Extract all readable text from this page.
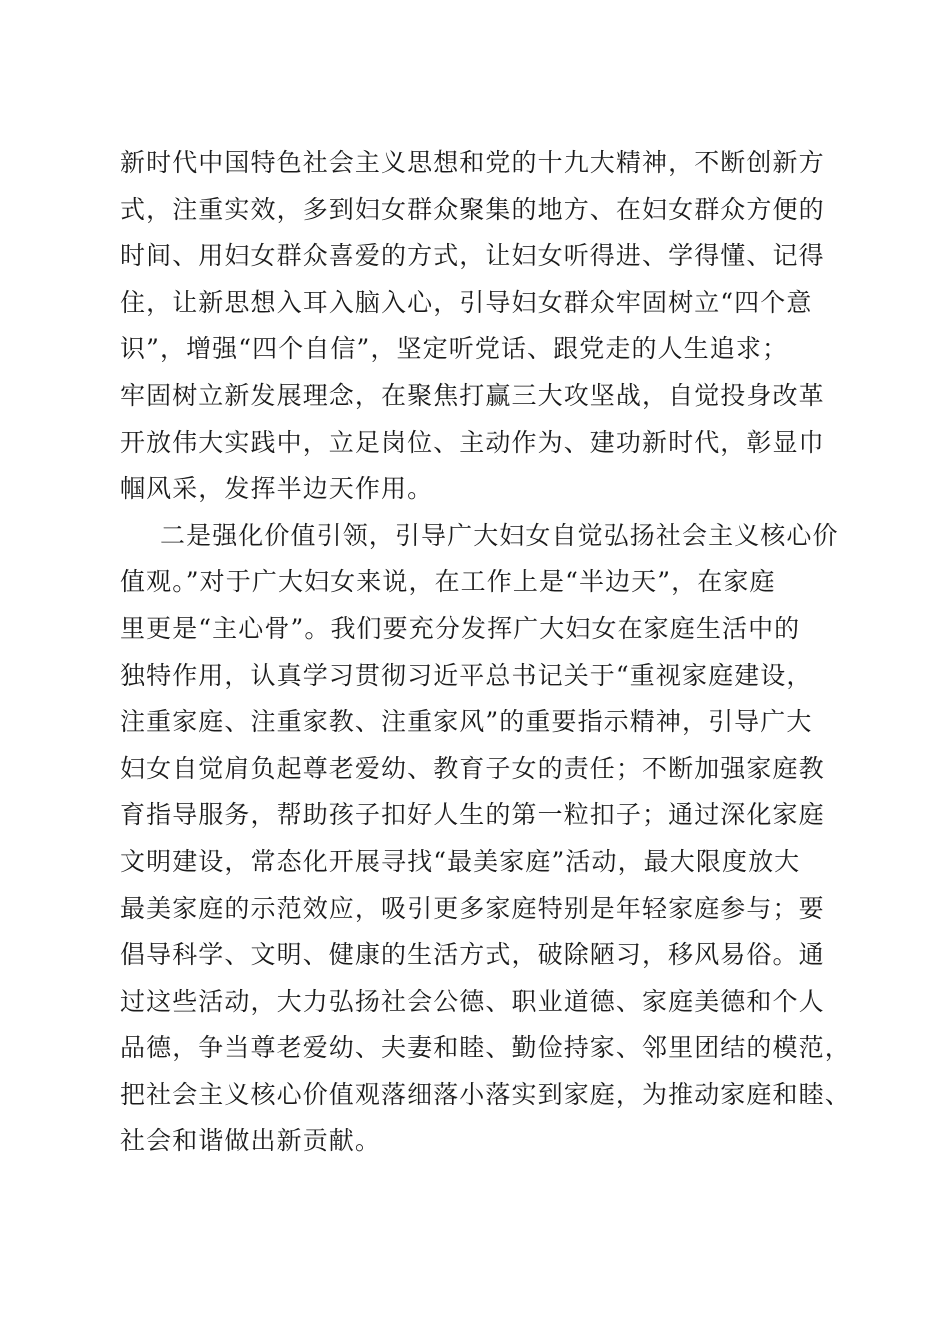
新时代中国特色社会主义思想和党的十九大精神，不断创新方
式，注重实效，多到妇女群众聚集的地方、在妇女群众方便的
时间、用妇女群众喜爱的方式，让妇女听得进、学得懂、记得
住，让新思想入耳入脑入心，引导妇女群众牢固树立“四个意
识”，增强“四个自信”，坚定听党话、跟党走的人生追求；
牢固树立新发展理念，在聚焦打赢三大攻坚战，自觉投身改革
开放伟大实践中，立足岗位、主动作为、建功新时代，彰显巾
帼风采，发挥半边天作用。

二是强化价值引领，引导广大妇女自觉弘扬社会主义核心价
值观。”对于广大妇女来说，在工作上是“半边天”，在家庭
里更是“主心骨”。我们要充分发挥广大妇女在家庭生活中的
独特作用，认真学习贯彻习近平总书记关于“重视家庭建设，
注重家庭、注重家教、注重家风”的重要指示精神，引导广大
妇女自觉肩负起尊老爱幼、教育子女的责任；不断加强家庭教
育指导服务，帮助孩子扣好人生的第一粒扣子；通过深化家庭
文明建设，常态化开展寻找“最美家庭”活动，最大限度放大
最美家庭的示范效应，吸引更多家庭特别是年轻家庭参与；要
倡导科学、文明、健康的生活方式，破除陋习，移风易俗。通
过这些活动，大力弘扬社会公德、职业道德、家庭美德和个人
品德，争当尊老爱幼、夫妻和睦、勤俭持家、邻里团结的模范，
把社会主义核心价值观落细落小落实到家庭，为推动家庭和睦、
社会和谐做出新贡献。
